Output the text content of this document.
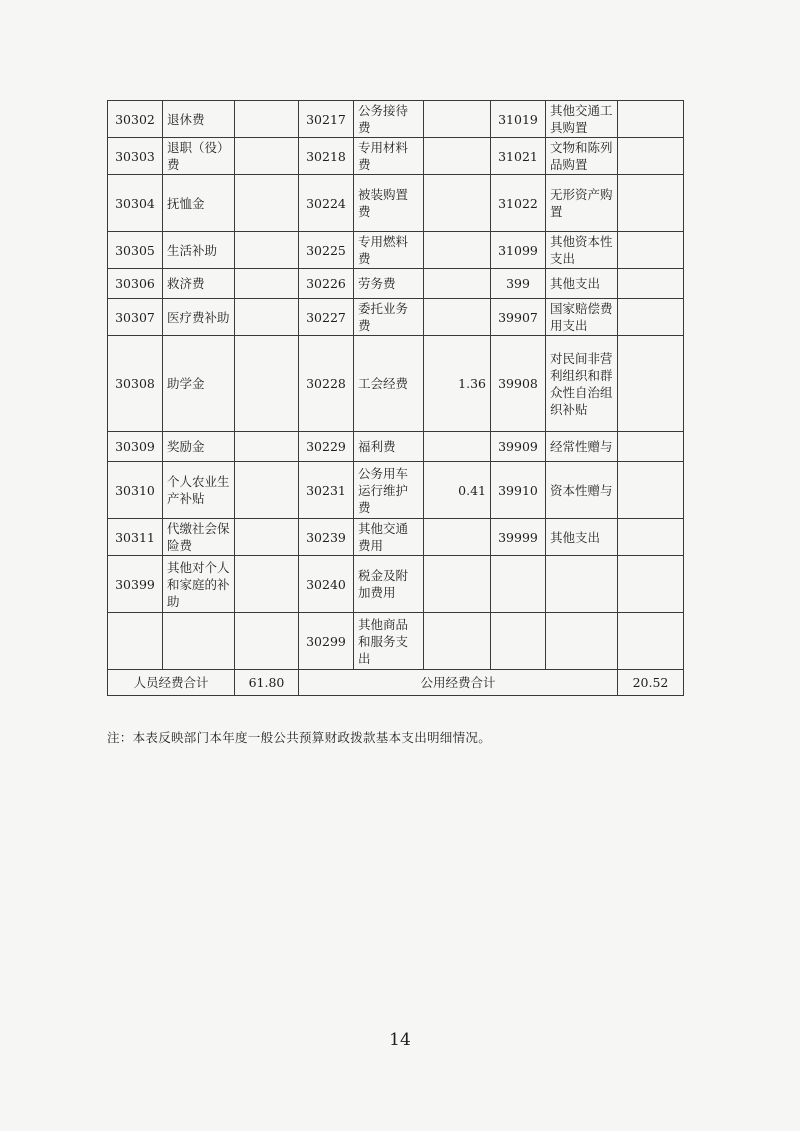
30302	退休费		30217	公务接待费		31019	其他交通工具购置	
30303	退职（役）费		30218	专用材料费		31021	文物和陈列品购置	
30304	抚恤金		30224	被装购置费		31022	无形资产购置	
30305	生活补助		30225	专用燃料费		31099	其他资本性支出	
30306	救济费		30226	劳务费		399	其他支出	
30307	医疗费补助		30227	委托业务费		39907	国家赔偿费用支出	
30308	助学金		30228	工会经费	1.36	39908	对民间非营利组织和群众性自治组织补贴	
30309	奖励金		30229	福利费		39909	经常性赠与	
30310	个人农业生产补贴		30231	公务用车运行维护费	0.41	39910	资本性赠与	
30311	代缴社会保险费		30239	其他交通费用		39999	其他支出	
30399	其他对个人和家庭的补助		30240	税金及附加费用				
			30299	其他商品和服务支出				
人员经费合计		61.80	公用经费合计					20.52
注：本表反映部门本年度一般公共预算财政拨款基本支出明细情况。
14
